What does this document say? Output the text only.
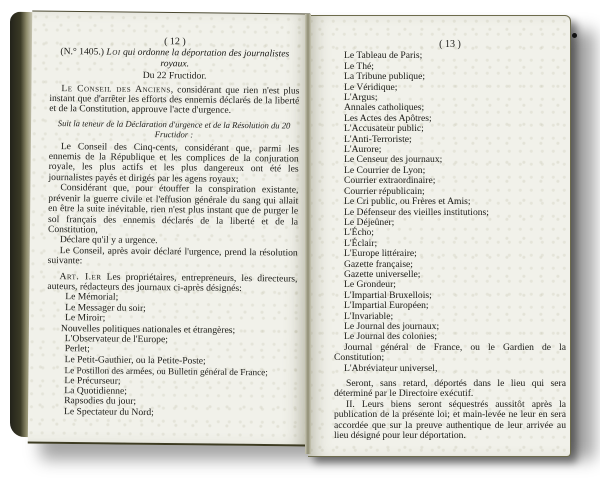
( 12 )
(N.° 1405.) Loi qui ordonne la déportation des journalistes royaux.
Du 22 Fructidor.
Le Conseil des Anciens, considérant que rien n'est plus instant que d'arrêter les efforts des ennemis déclarés de la liberté et de la Constitution, approuve l'acte d'urgence.
Suit la teneur de la Déclaration d'urgence et de la Résolution du 20 Fructidor :
Le Conseil des Cinq-cents, considérant que, parmi les ennemis de la République et les complices de la conjuration royale, les plus actifs et les plus dangereux ont été les journalistes payés et dirigés par les agens royaux;
Considérant que, pour étouffer la conspiration existante, prévenir la guerre civile et l'effusion générale du sang qui allait en être la suite inévitable, rien n'est plus instant que de purger le sol français des ennemis déclarés de la liberté et de la Constitution,
Déclare qu'il y a urgence.
Le Conseil, après avoir déclaré l'urgence, prend la résolution suivante:
Art. I.er Les propriétaires, entrepreneurs, les directeurs, auteurs, rédacteurs des journaux ci-après désignés:
Le Mémorial;
Le Messager du soir;
Le Miroir;
Nouvelles politiques nationales et étrangères;
L'Observateur de l'Europe;
Perlet;
Le Petit-Gauthier, ou la Petite-Poste;
Le Postillon des armées, ou Bulletin général de France;
Le Précurseur;
La Quotidienne;
Rapsodies du jour;
Le Spectateur du Nord;
( 13 )
Le Tableau de Paris;
Le Thé;
La Tribune publique;
Le Véridique;
L'Argus;
Annales catholiques;
Les Actes des Apôtres;
L'Accusateur public;
L'Anti-Terroriste;
L'Aurore;
Le Censeur des journaux;
Le Courrier de Lyon;
Courrier extraordinaire;
Courrier républicain;
Le Cri public, ou Frères et Amis;
Le Défenseur des vieilles institutions;
Le Déjeûner;
L'Écho;
L'Éclair;
L'Europe littéraire;
Gazette française;
Gazette universelle;
Le Grondeur;
L'Impartial Bruxellois;
L'Impartial Européen;
L'Invariable;
Le Journal des journaux;
Le Journal des colonies;
Journal général de France, ou le Gardien de la Constitution;
L'Abréviateur universel,
Seront, sans retard, déportés dans le lieu qui sera déterminé par le Directoire exécutif.
II. Leurs biens seront séquestrés aussitôt après la publication de la présente loi; et main-levée ne leur en sera accordée que sur la preuve authentique de leur arrivée au lieu désigné pour leur déportation.
